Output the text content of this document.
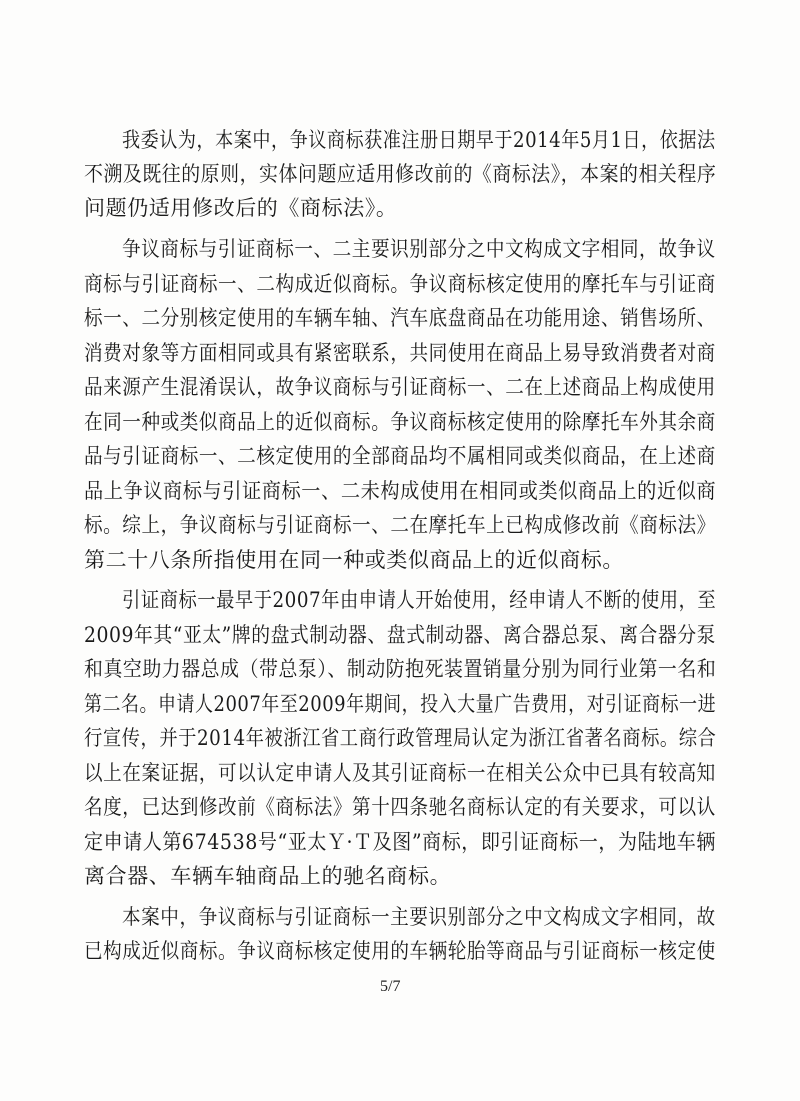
我委认为，本案中，争议商标获准注册日期早于2014年5月1日，依据法
不溯及既往的原则，实体问题应适用修改前的《商标法》，本案的相关程序
问题仍适用修改后的《商标法》。
争议商标与引证商标一、二主要识别部分之中文构成文字相同，故争议
商标与引证商标一、二构成近似商标。争议商标核定使用的摩托车与引证商
标一、二分别核定使用的车辆车轴、汽车底盘商品在功能用途、销售场所、
消费对象等方面相同或具有紧密联系，共同使用在商品上易导致消费者对商
品来源产生混淆误认，故争议商标与引证商标一、二在上述商品上构成使用
在同一种或类似商品上的近似商标。争议商标核定使用的除摩托车外其余商
品与引证商标一、二核定使用的全部商品均不属相同或类似商品，在上述商
品上争议商标与引证商标一、二未构成使用在相同或类似商品上的近似商
标。综上，争议商标与引证商标一、二在摩托车上已构成修改前《商标法》
第二十八条所指使用在同一种或类似商品上的近似商标。
引证商标一最早于2007年由申请人开始使用，经申请人不断的使用，至
2009年其“亚太”牌的盘式制动器、盘式制动器、离合器总泵、离合器分泵
和真空助力器总成（带总泵）、制动防抱死装置销量分别为同行业第一名和
第二名。申请人2007年至2009年期间，投入大量广告费用，对引证商标一进
行宣传，并于2014年被浙江省工商行政管理局认定为浙江省著名商标。综合
以上在案证据，可以认定申请人及其引证商标一在相关公众中已具有较高知
名度，已达到修改前《商标法》第十四条驰名商标认定的有关要求，可以认
定申请人第674538号“亚太Ｙ·Ｔ及图”商标，即引证商标一，为陆地车辆
离合器、车辆车轴商品上的驰名商标。
本案中，争议商标与引证商标一主要识别部分之中文构成文字相同，故
已构成近似商标。争议商标核定使用的车辆轮胎等商品与引证商标一核定使
5/7
